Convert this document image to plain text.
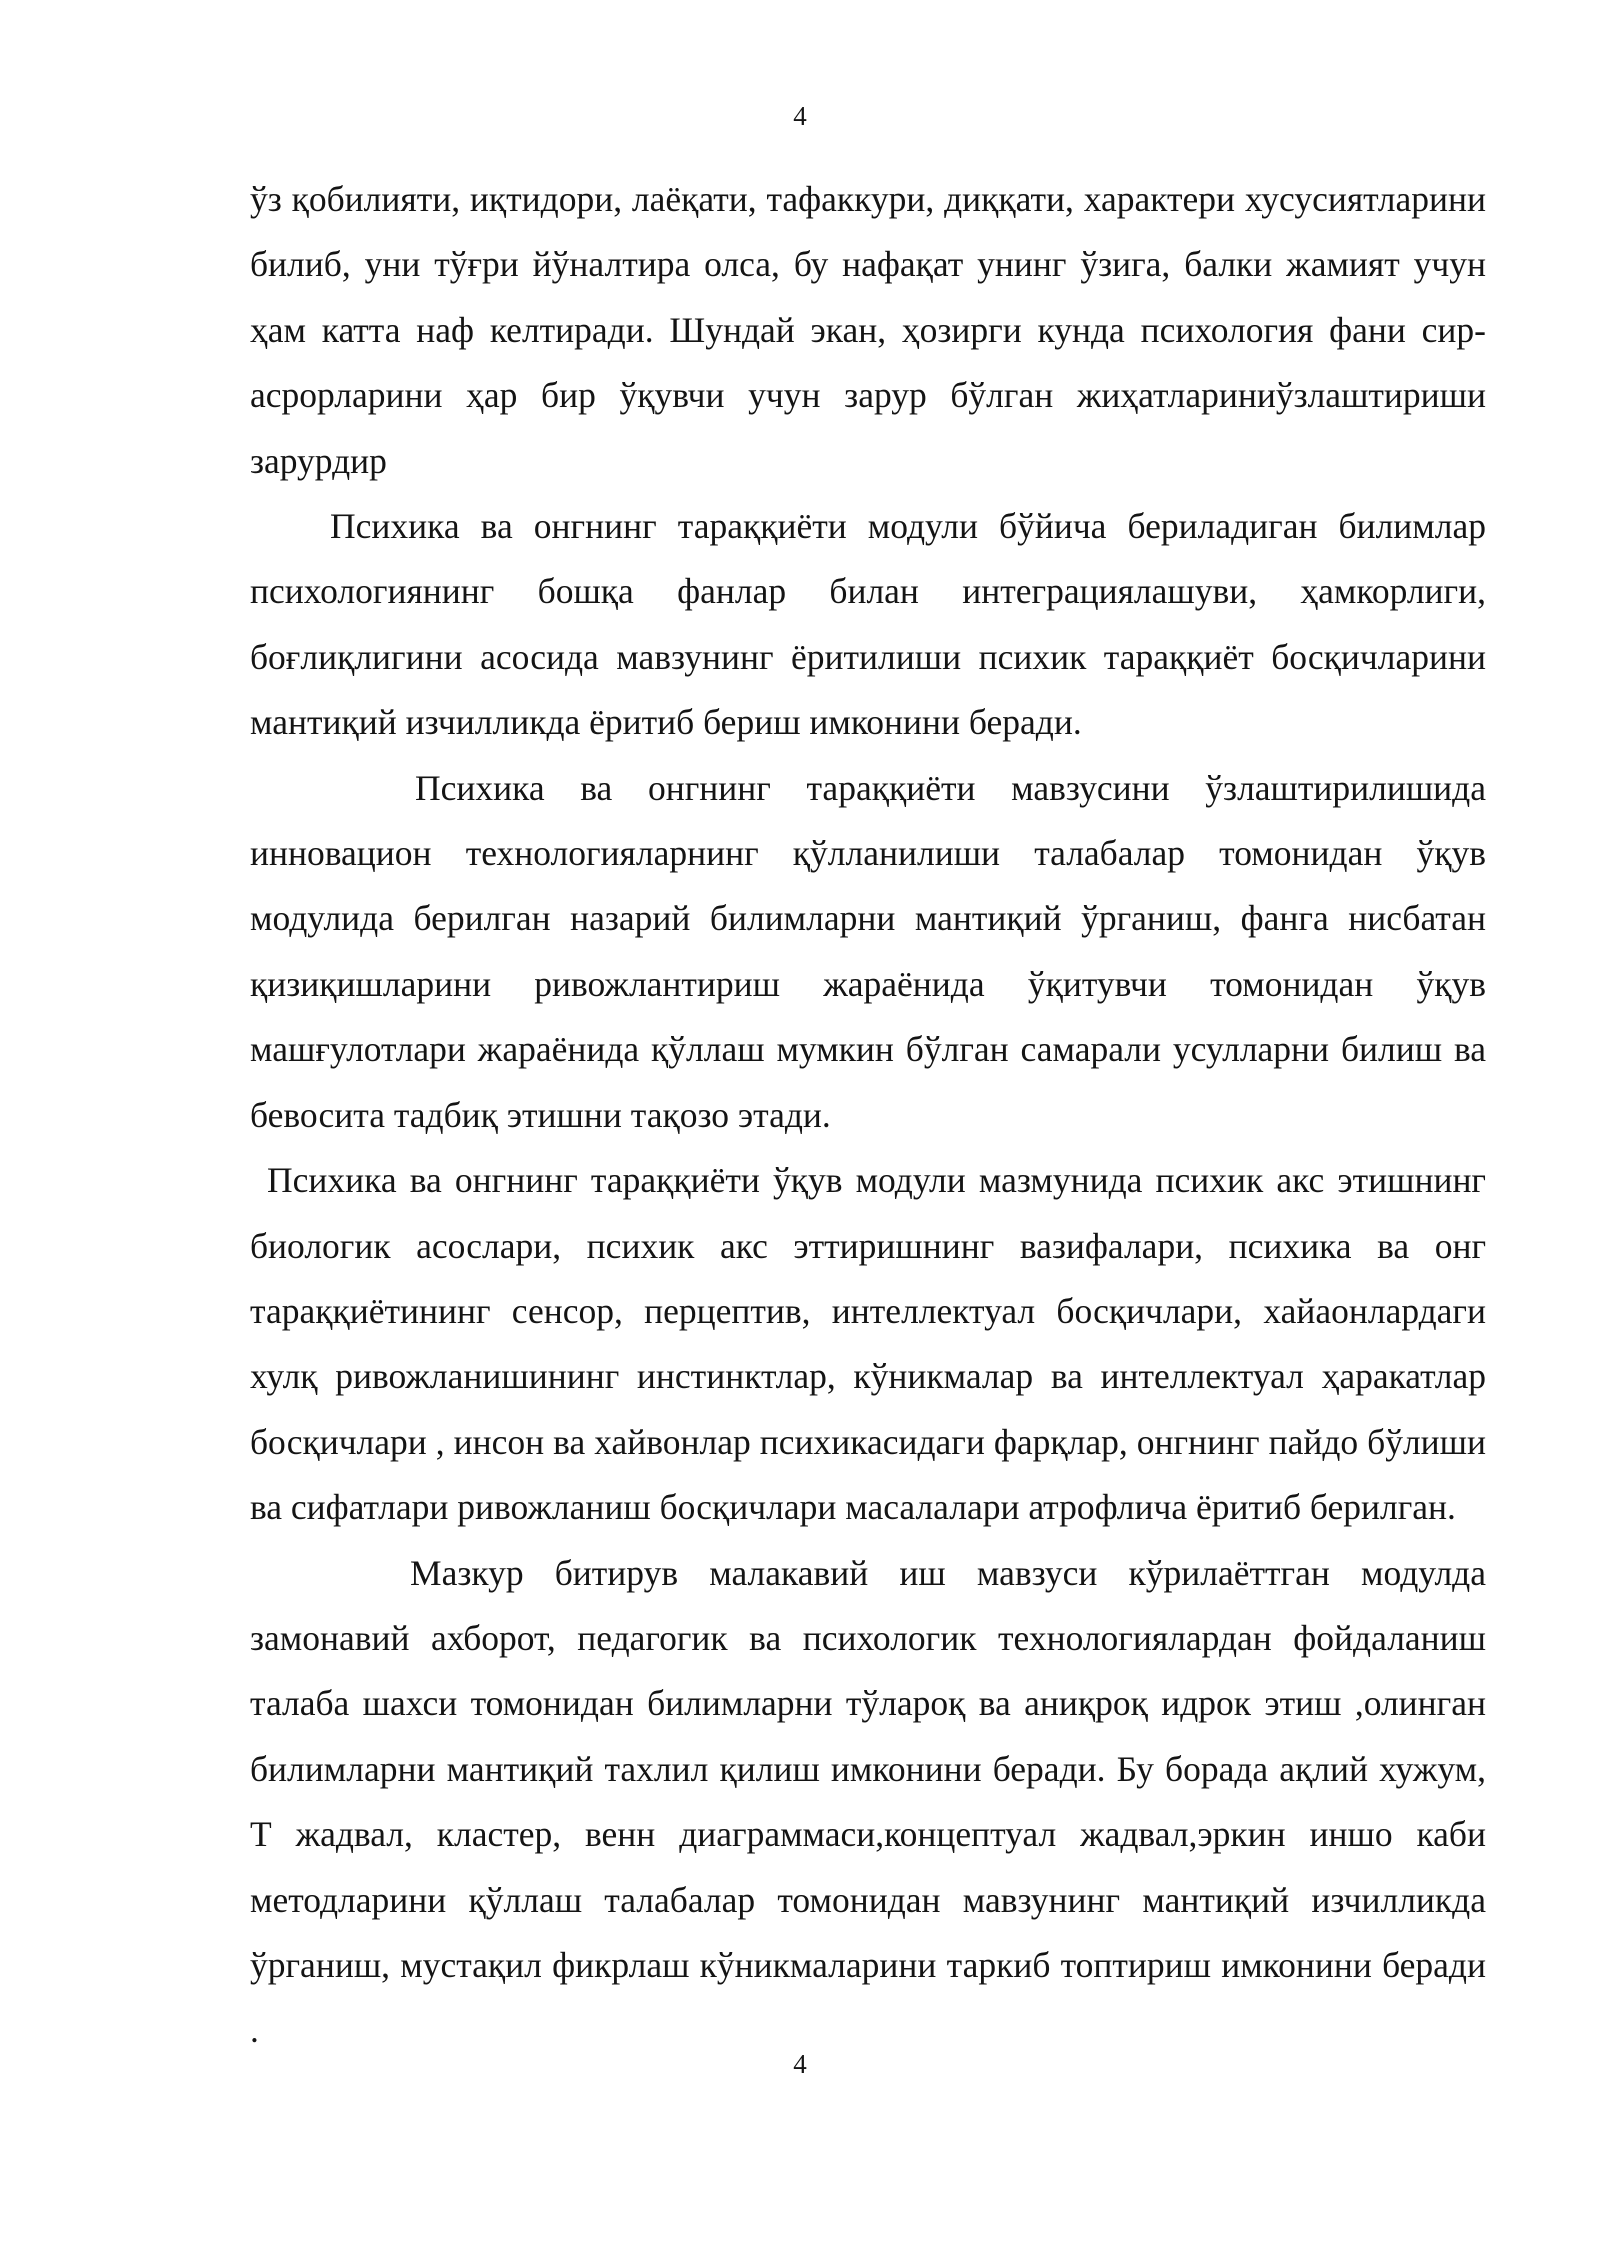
4

ўз қобилияти, иқтидори, лаёқати, тафаккури, диққати, характери хусусиятларини билиб, уни тўғри йўналтира олса, бу нафақат унинг ўзига, балки жамият учун ҳам катта наф келтиради. Шундай экан, ҳозирги кунда психология фани сир-асрорларини ҳар бир ўқувчи учун зарур бўлган жиҳатлариниўзлаштириши зарурдир

Психика ва онгнинг тараққиёти модули бўйича бериладиган билимлар психологиянинг бошқа фанлар билан интеграциялашуви, ҳамкорлиги, боғлиқлигини асосида мавзунинг ёритилиши психик тараққиёт босқичларини мантиқий изчилликда ёритиб бериш имконини беради.

Психика ва онгнинг тараққиёти мавзусини ўзлаштирилишида инновацион технологияларнинг қўлланилиши талабалар томонидан ўқув модулида берилган назарий билимларни мантиқий ўрганиш, фанга нисбатан қизиқишларини ривожлантириш жараёнида ўқитувчи томонидан ўқув машғулотлари жараёнида қўллаш мумкин бўлган самарали усулларни билиш ва бевосита тадбиқ этишни тақозо этади.

Психика ва онгнинг тараққиёти ўқув модули мазмунида психик акс этишнинг биологик асослари, психик акс эттиришнинг вазифалари, психика ва онг тараққиётининг сенсор, перцептив, интеллектуал босқичлари, хайаонлардаги хулқ ривожланишининг инстинктлар, кўникмалар ва интеллектуал ҳаракатлар босқичлари , инсон ва хайвонлар психикасидаги фарқлар, онгнинг пайдо бўлиши ва сифатлари ривожланиш босқичлари масалалари атрофлича ёритиб берилган.

Мазкур битирув малакавий иш мавзуси кўрилаёттган модулда замонавий ахборот, педагогик ва психологик технологиялардан фойдаланиш талаба шахси томонидан билимларни тўлароқ ва аниқроқ идрок этиш ,олинган билимларни мантиқий тахлил қилиш имконини беради. Бу борада ақлий хужум, Т жадвал, кластер, венн диаграммаси,концептуал жадвал,эркин иншо каби методларини қўллаш талабалар томонидан мавзунинг мантиқий изчилликда ўрганиш, мустақил фикрлаш кўникмаларини таркиб топтириш имконини беради .

4
